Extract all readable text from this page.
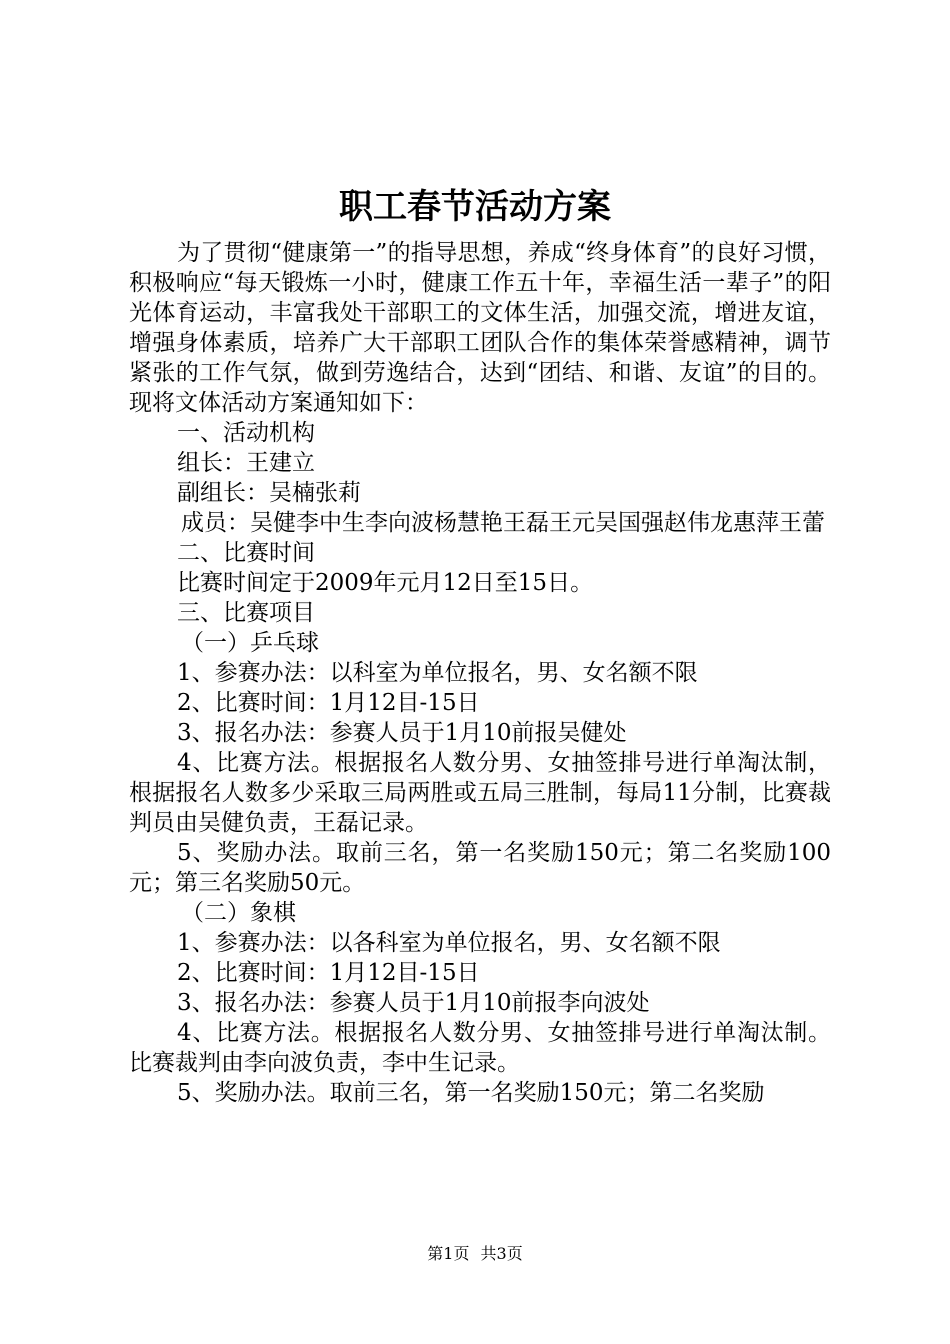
职工春节活动方案

为了贯彻“健康第一”的指导思想，养成“终身体育”的良好习惯，积极响应“每天锻炼一小时，健康工作五十年，幸福生活一辈子”的阳光体育运动，丰富我处干部职工的文体生活，加强交流，增进友谊，增强身体素质，培养广大干部职工团队合作的集体荣誉感精神，调节紧张的工作气氛，做到劳逸结合，达到“团结、和谐、友谊”的目的。现将文体活动方案通知如下：

一、活动机构

组长：王建立

副组长：吴楠张莉

成员：吴健李中生李向波杨慧艳王磊王元吴国强赵伟龙惠萍王蕾

二、比赛时间

比赛时间定于2009年元月12日至15日。

三、比赛项目

（一）乒乓球

1、参赛办法：以科室为单位报名，男、女名额不限

2、比赛时间：1月12目-15日

3、报名办法：参赛人员于1月10前报吴健处

4、比赛方法。根据报名人数分男、女抽签排号进行单淘汰制，根据报名人数多少采取三局两胜或五局三胜制，每局11分制，比赛裁判员由吴健负责，王磊记录。

5、奖励办法。取前三名，第一名奖励150元；第二名奖励100元；第三名奖励50元。

（二）象棋

1、参赛办法：以各科室为单位报名，男、女名额不限

2、比赛时间：1月12目-15日

3、报名办法：参赛人员于1月10前报李向波处

4、比赛方法。根据报名人数分男、女抽签排号进行单淘汰制。比赛裁判由李向波负责，李中生记录。

5、奖励办法。取前三名，第一名奖励150元；第二名奖励

第1页 共3页
